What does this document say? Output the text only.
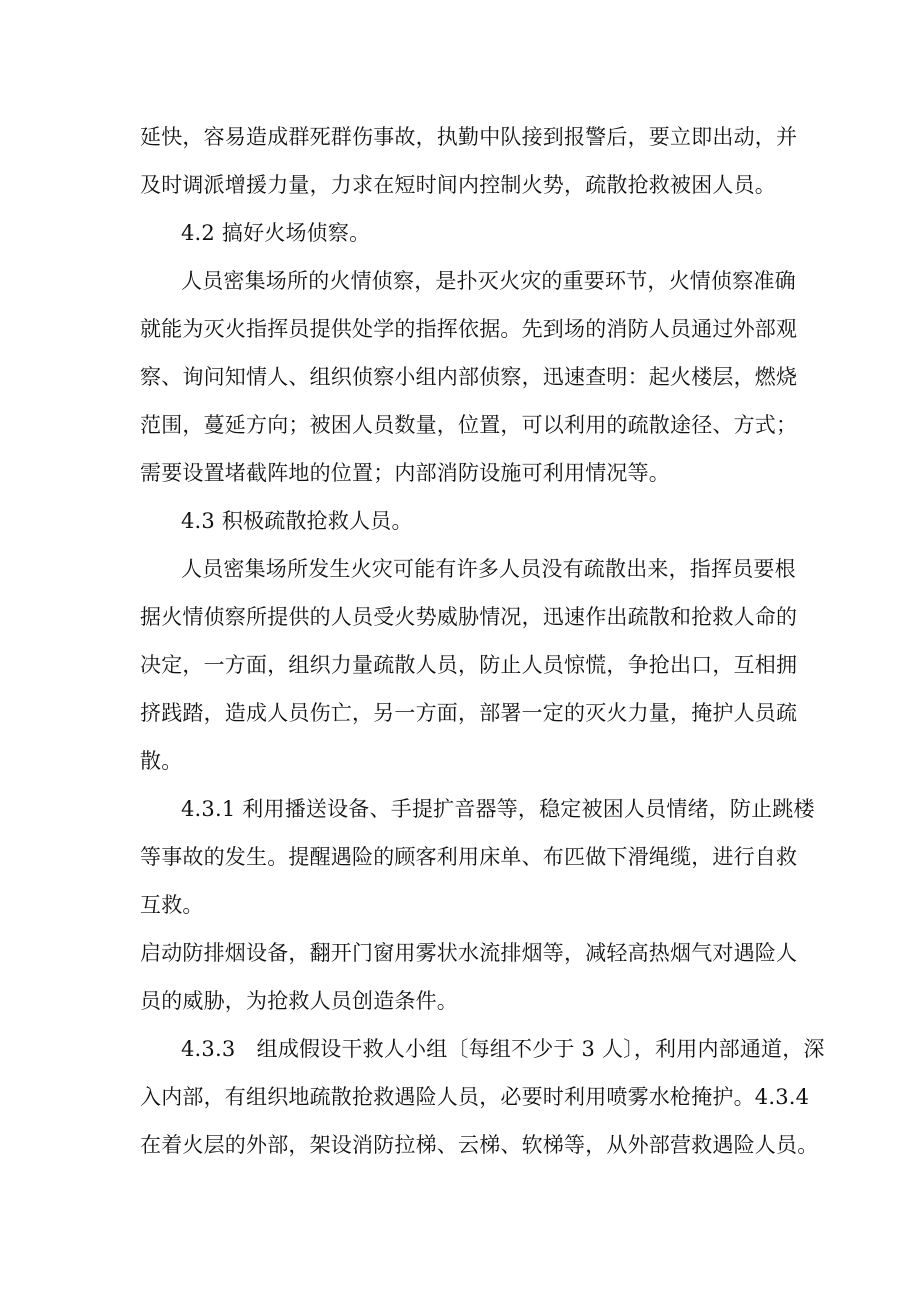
延快，容易造成群死群伤事故，执勤中队接到报警后，要立即出动，并
及时调派增援力量，力求在短时间内控制火势，疏散抢救被困人员。
4.2 搞好火场侦察。
人员密集场所的火情侦察，是扑灭火灾的重要环节，火情侦察准确
就能为灭火指挥员提供处学的指挥依据。先到场的消防人员通过外部观
察、询问知情人、组织侦察小组内部侦察，迅速查明：起火楼层，燃烧
范围，蔓延方向；被困人员数量，位置，可以利用的疏散途径、方式；
需要设置堵截阵地的位置；内部消防设施可利用情况等。
4.3 积极疏散抢救人员。
人员密集场所发生火灾可能有许多人员没有疏散出来，指挥员要根
据火情侦察所提供的人员受火势威胁情况，迅速作出疏散和抢救人命的
决定，一方面，组织力量疏散人员，防止人员惊慌，争抢出口，互相拥
挤践踏，造成人员伤亡，另一方面，部署一定的灭火力量，掩护人员疏
散。
4.3.1 利用播送设备、手提扩音器等，稳定被困人员情绪，防止跳楼
等事故的发生。提醒遇险的顾客利用床单、布匹做下滑绳缆，进行自救
互救。
启动防排烟设备，翻开门窗用雾状水流排烟等，减轻高热烟气对遇险人
员的威胁，为抢救人员创造条件。
4.3.3　组成假设干救人小组〔每组不少于 3 人〕，利用内部通道，深
入内部，有组织地疏散抢救遇险人员，必要时利用喷雾水枪掩护。4.3.4
在着火层的外部，架设消防拉梯、云梯、软梯等，从外部营救遇险人员。
